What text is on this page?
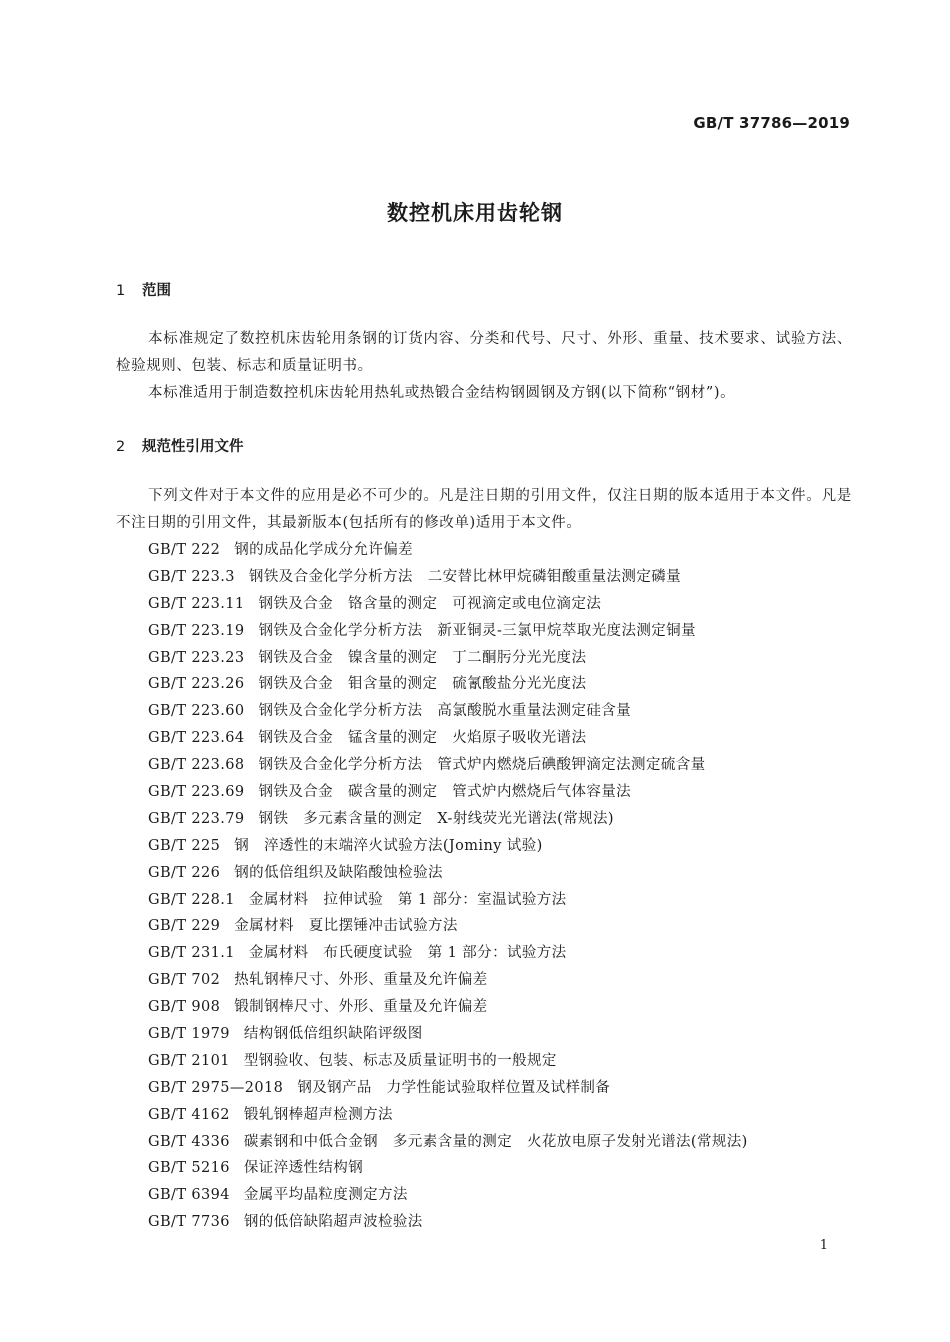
GB/T 37786—2019
数控机床用齿轮钢
1 范围
本标准规定了数控机床齿轮用条钢的订货内容、分类和代号、尺寸、外形、重量、技术要求、试验方法、检验规则、包装、标志和质量证明书。
本标准适用于制造数控机床齿轮用热轧或热锻合金结构钢圆钢及方钢(以下简称“钢材”)。
2 规范性引用文件
下列文件对于本文件的应用是必不可少的。凡是注日期的引用文件，仅注日期的版本适用于本文件。凡是不注日期的引用文件，其最新版本(包括所有的修改单)适用于本文件。
GB/T 222 钢的成品化学成分允许偏差
GB/T 223.3 钢铁及合金化学分析方法　二安替比林甲烷磷钼酸重量法测定磷量
GB/T 223.11 钢铁及合金　铬含量的测定　可视滴定或电位滴定法
GB/T 223.19 钢铁及合金化学分析方法　新亚铜灵-三氯甲烷萃取光度法测定铜量
GB/T 223.23 钢铁及合金　镍含量的测定　丁二酮肟分光光度法
GB/T 223.26 钢铁及合金　钼含量的测定　硫氰酸盐分光光度法
GB/T 223.60 钢铁及合金化学分析方法　高氯酸脱水重量法测定硅含量
GB/T 223.64 钢铁及合金　锰含量的测定　火焰原子吸收光谱法
GB/T 223.68 钢铁及合金化学分析方法　管式炉内燃烧后碘酸钾滴定法测定硫含量
GB/T 223.69 钢铁及合金　碳含量的测定　管式炉内燃烧后气体容量法
GB/T 223.79 钢铁　多元素含量的测定　X-射线荧光光谱法(常规法)
GB/T 225 钢　淬透性的末端淬火试验方法(Jominy 试验)
GB/T 226 钢的低倍组织及缺陷酸蚀检验法
GB/T 228.1 金属材料　拉伸试验　第 1 部分：室温试验方法
GB/T 229 金属材料　夏比摆锤冲击试验方法
GB/T 231.1 金属材料　布氏硬度试验　第 1 部分：试验方法
GB/T 702 热轧钢棒尺寸、外形、重量及允许偏差
GB/T 908 锻制钢棒尺寸、外形、重量及允许偏差
GB/T 1979 结构钢低倍组织缺陷评级图
GB/T 2101 型钢验收、包装、标志及质量证明书的一般规定
GB/T 2975—2018 钢及钢产品　力学性能试验取样位置及试样制备
GB/T 4162 锻轧钢棒超声检测方法
GB/T 4336 碳素钢和中低合金钢　多元素含量的测定　火花放电原子发射光谱法(常规法)
GB/T 5216 保证淬透性结构钢
GB/T 6394 金属平均晶粒度测定方法
GB/T 7736 钢的低倍缺陷超声波检验法
1
